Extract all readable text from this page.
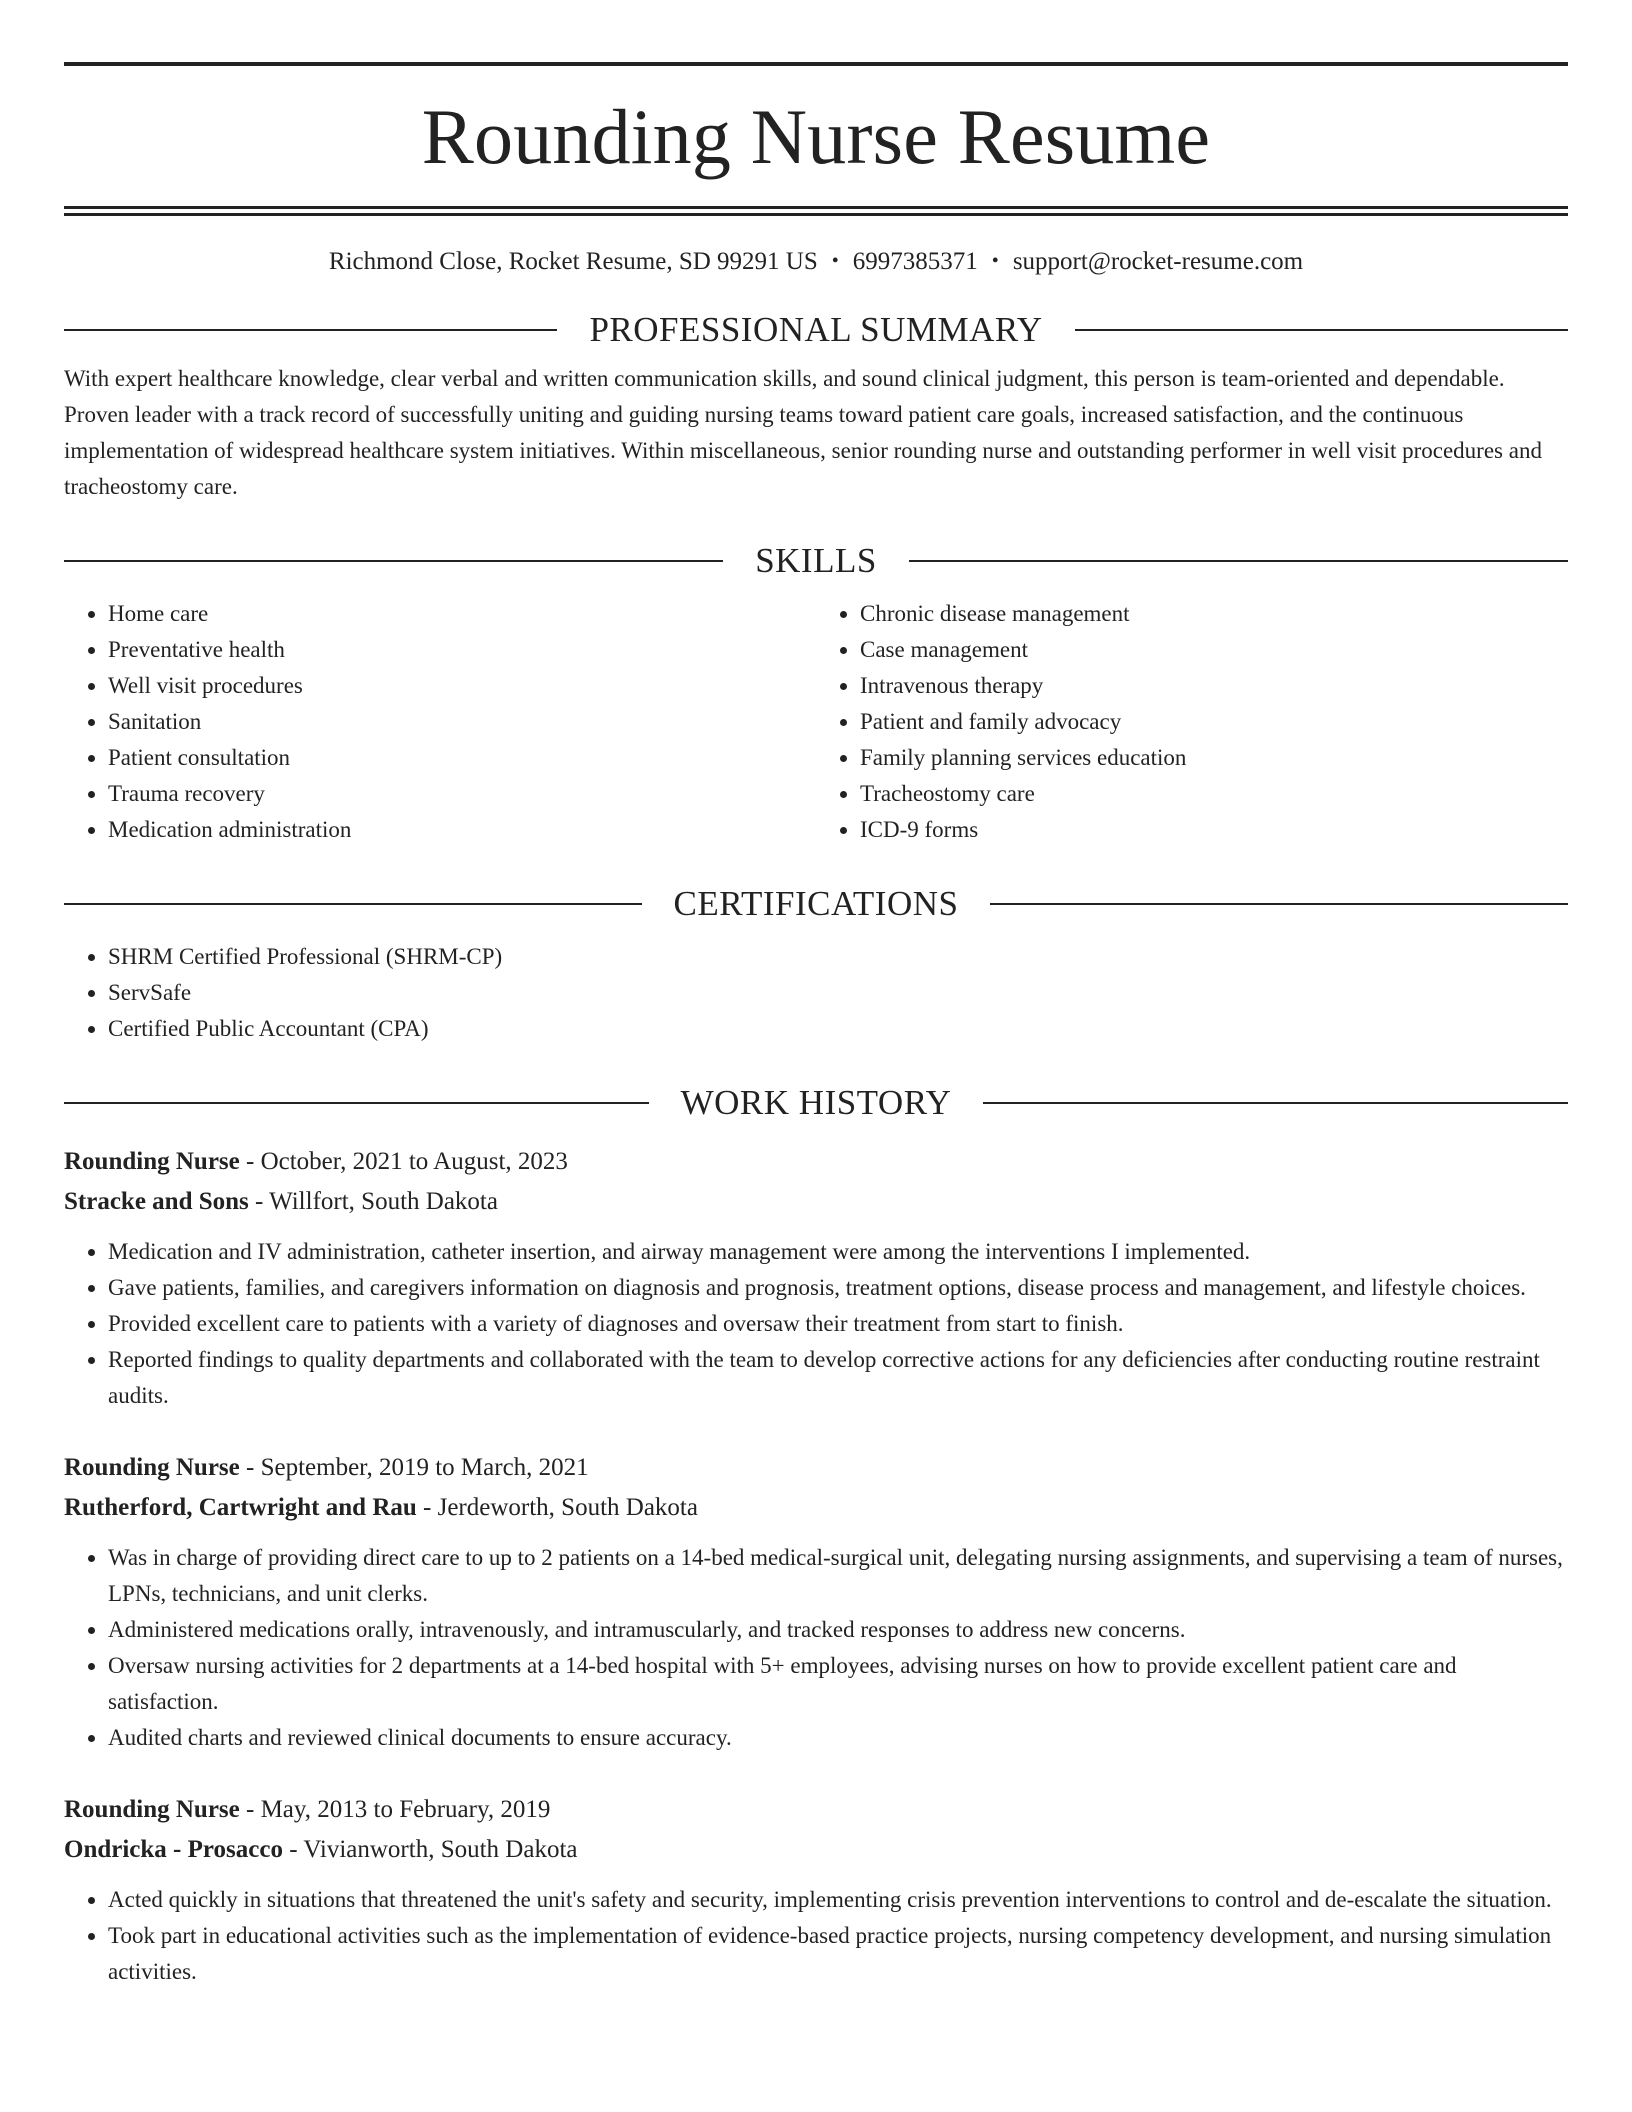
Rounding Nurse Resume
Richmond Close, Rocket Resume, SD 99291 US • 6997385371 • support@rocket-resume.com
PROFESSIONAL SUMMARY

With expert healthcare knowledge, clear verbal and written communication skills, and sound clinical judgment, this person is team-oriented and dependable. Proven leader with a track record of successfully uniting and guiding nursing teams toward patient care goals, increased satisfaction, and the continuous implementation of widespread healthcare system initiatives. Within miscellaneous, senior rounding nurse and outstanding performer in well visit procedures and tracheostomy care.

SKILLS
• Home care
• Preventative health
• Well visit procedures
• Sanitation
• Patient consultation
• Trauma recovery
• Medication administration
• Chronic disease management
• Case management
• Intravenous therapy
• Patient and family advocacy
• Family planning services education
• Tracheostomy care
• ICD-9 forms
CERTIFICATIONS
• SHRM Certified Professional (SHRM-CP)
• ServSafe
• Certified Public Accountant (CPA)
WORK HISTORY
Rounding Nurse - October, 2021 to August, 2023
Stracke and Sons - Willfort, South Dakota
• Medication and IV administration, catheter insertion, and airway management were among the interventions I implemented.
• Gave patients, families, and caregivers information on diagnosis and prognosis, treatment options, disease process and management, and lifestyle choices.
• Provided excellent care to patients with a variety of diagnoses and oversaw their treatment from start to finish.
• Reported findings to quality departments and collaborated with the team to develop corrective actions for any deficiencies after conducting routine restraint audits.
Rounding Nurse - September, 2019 to March, 2021
Rutherford, Cartwright and Rau - Jerdeworth, South Dakota
• Was in charge of providing direct care to up to 2 patients on a 14-bed medical-surgical unit, delegating nursing assignments, and supervising a team of nurses, LPNs, technicians, and unit clerks.
• Administered medications orally, intravenously, and intramuscularly, and tracked responses to address new concerns.
• Oversaw nursing activities for 2 departments at a 14-bed hospital with 5+ employees, advising nurses on how to provide excellent patient care and satisfaction.
• Audited charts and reviewed clinical documents to ensure accuracy.
Rounding Nurse - May, 2013 to February, 2019
Ondricka - Prosacco - Vivianworth, South Dakota
• Acted quickly in situations that threatened the unit's safety and security, implementing crisis prevention interventions to control and de-escalate the situation.
• Took part in educational activities such as the implementation of evidence-based practice projects, nursing competency development, and nursing simulation activities.
